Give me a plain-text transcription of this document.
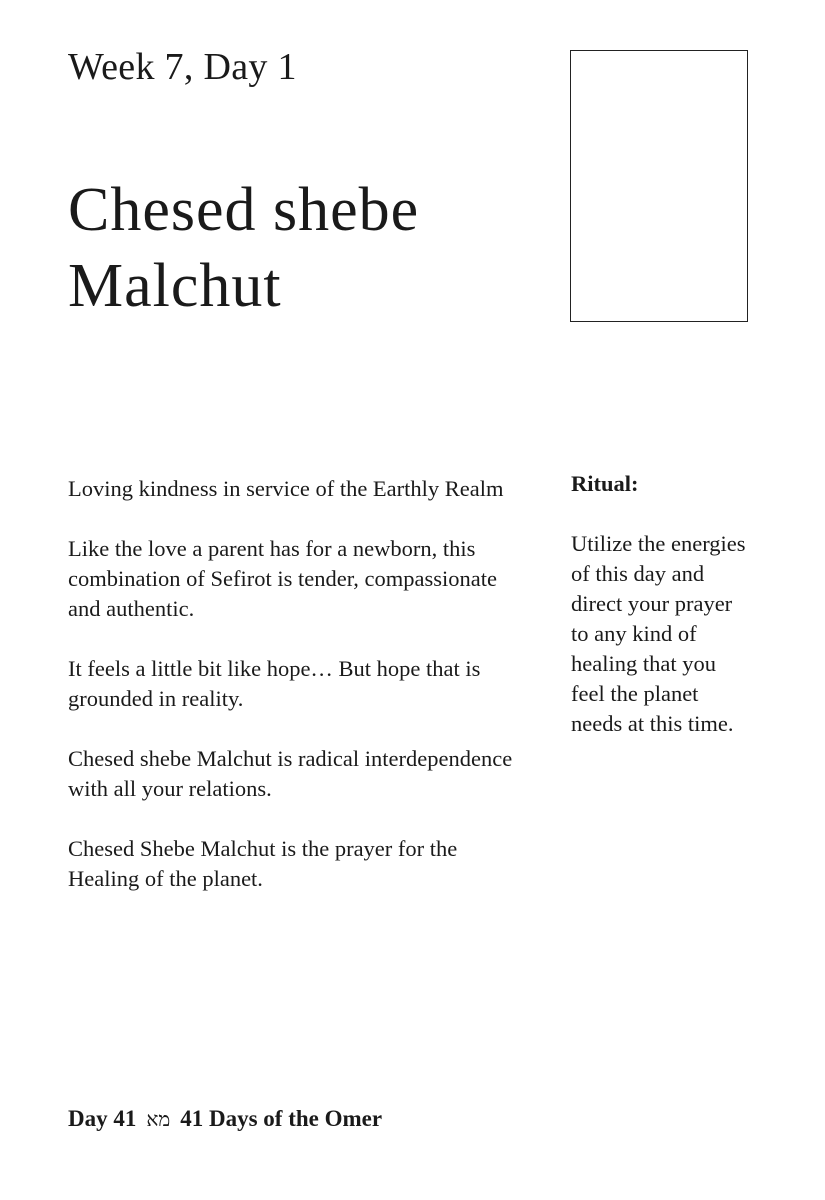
Week 7, Day 1
Chesed shebe
Malchut

Loving kindness in service of the Earthly Realm

Like the love a parent has for a newborn, this combination of Sefirot is tender, compassionate and authentic.

It feels a little bit like hope… But hope that is grounded in reality.

Chesed shebe Malchut is radical interdependence with all your relations.

Chesed Shebe Malchut is the prayer for the Healing of the planet.

Ritual:

Utilize the energies of this day and direct your prayer to any kind of healing that you feel the planet needs at this time.

Day 41 מא 41 Days of the Omer
